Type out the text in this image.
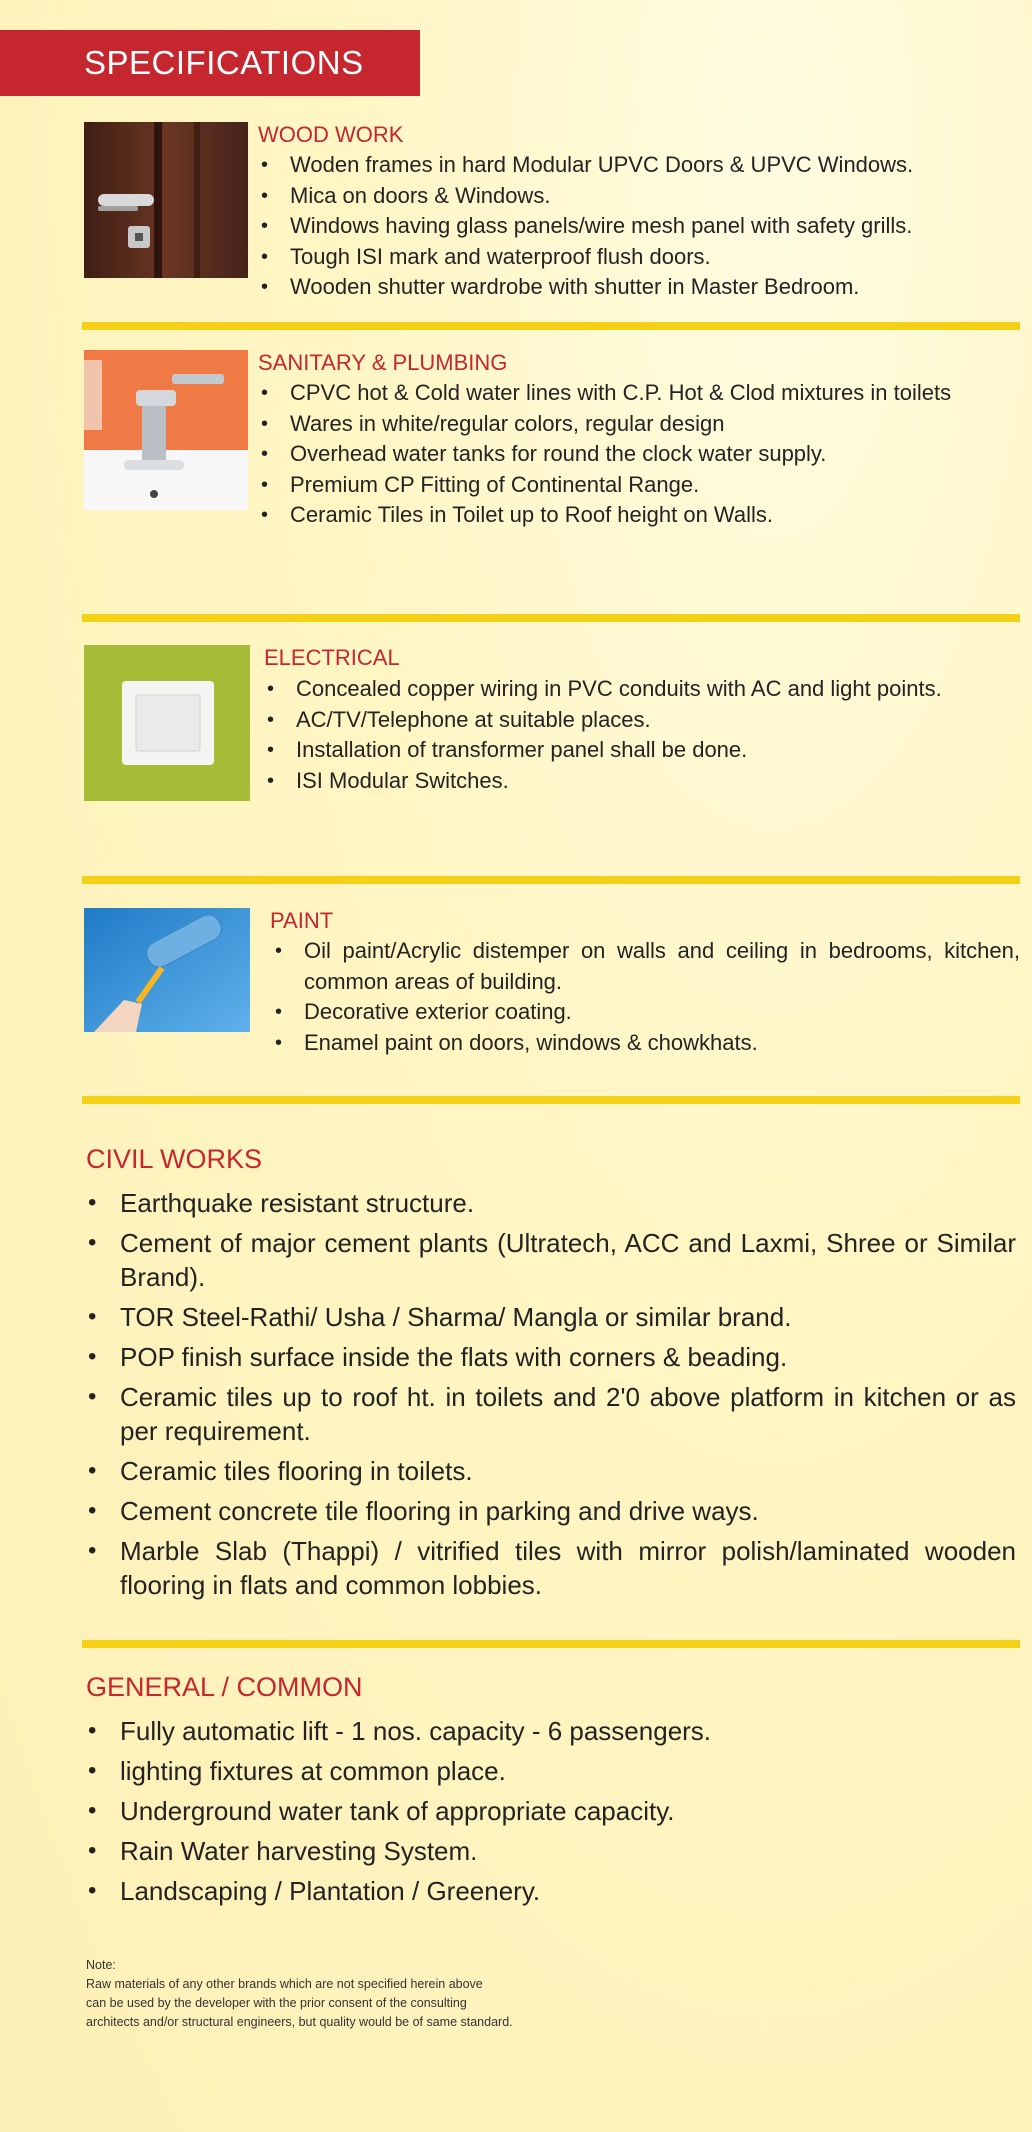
SPECIFICATIONS
WOOD WORK
• Woden frames in hard Modular UPVC Doors & UPVC Windows.
• Mica on doors & Windows.
• Windows having glass panels/wire mesh panel with safety grills.
• Tough ISI mark and waterproof flush doors.
• Wooden shutter wardrobe with shutter in Master Bedroom.
SANITARY & PLUMBING
• CPVC hot & Cold water lines with C.P. Hot & Clod mixtures in toilets
• Wares in white/regular colors, regular design
• Overhead water tanks for round the clock water supply.
• Premium CP Fitting of Continental Range.
• Ceramic Tiles in Toilet up to Roof height on Walls.
ELECTRICAL
• Concealed copper wiring in PVC conduits with AC and light points.
• AC/TV/Telephone at suitable places.
• Installation of transformer panel shall be done.
• ISI Modular Switches.
PAINT
• Oil paint/Acrylic distemper on walls and ceiling in bedrooms, kitchen, common areas of building.
• Decorative exterior coating.
• Enamel paint on doors, windows & chowkhats.
CIVIL WORKS
• Earthquake resistant structure.
• Cement of major cement plants (Ultratech, ACC and Laxmi, Shree or Similar Brand).
• TOR Steel-Rathi/ Usha / Sharma/ Mangla or similar brand.
• POP finish surface inside the flats with corners & beading.
• Ceramic tiles up to roof ht. in toilets and 2'0 above platform in kitchen or as per requirement.
• Ceramic tiles flooring in toilets.
• Cement concrete tile flooring in parking and drive ways.
• Marble Slab (Thappi) / vitrified tiles with mirror polish/laminated wooden flooring in flats and common lobbies.
GENERAL / COMMON
• Fully automatic lift - 1 nos. capacity - 6 passengers.
• lighting fixtures at common place.
• Underground water tank of appropriate capacity.
• Rain Water harvesting System.
• Landscaping / Plantation / Greenery.
Note:
Raw materials of any other brands which are not specified herein above
can be used by the developer with the prior consent of the consulting
architects and/or structural engineers, but quality would be of same standard.
